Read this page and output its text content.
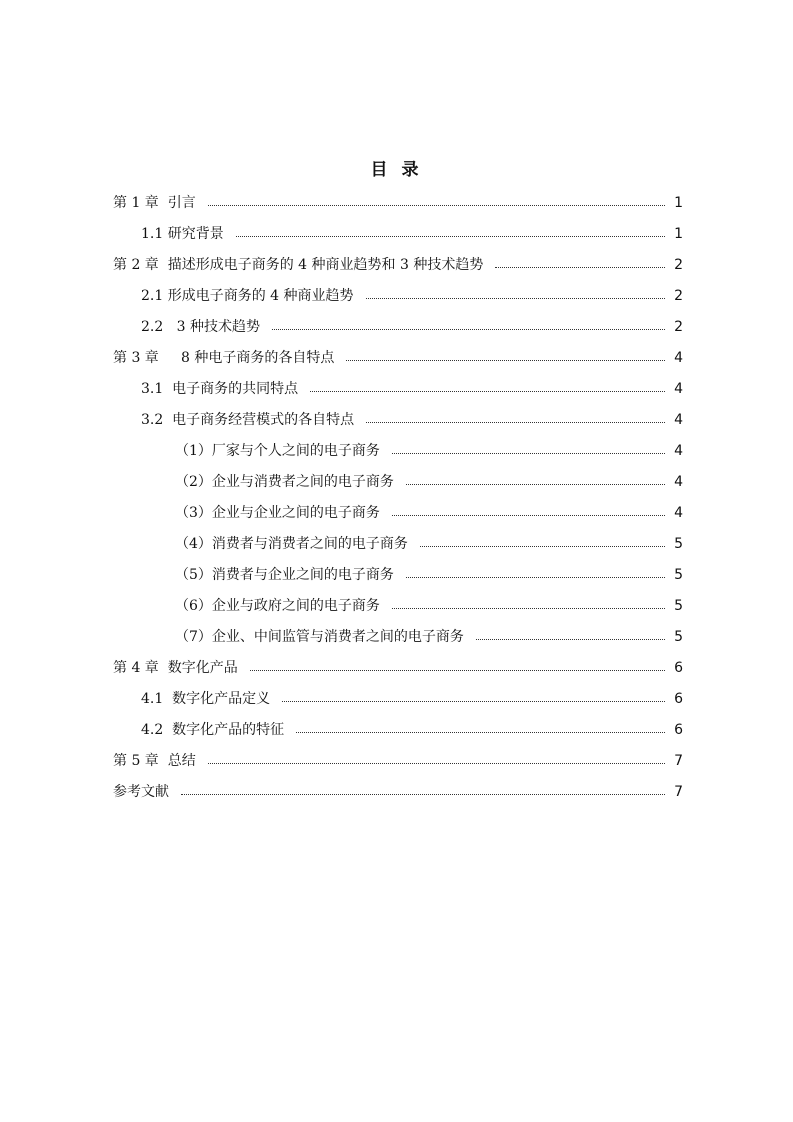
目 录
第 1 章  引言	1
1.1 研究背景	1
第 2 章  描述形成电子商务的 4 种商业趋势和 3 种技术趋势	2
2.1 形成电子商务的 4 种商业趋势	2
2.2   3 种技术趋势	2
第 3 章     8 种电子商务的各自特点	4
3.1  电子商务的共同特点	4
3.2  电子商务经营模式的各自特点	4
（1）厂家与个人之间的电子商务	4
（2）企业与消费者之间的电子商务	4
（3）企业与企业之间的电子商务	4
（4）消费者与消费者之间的电子商务	5
（5）消费者与企业之间的电子商务	5
（6）企业与政府之间的电子商务	5
（7）企业、中间监管与消费者之间的电子商务	5
第 4 章  数字化产品	6
4.1  数字化产品定义	6
4.2  数字化产品的特征	6
第 5 章  总结	7
参考文献	7
